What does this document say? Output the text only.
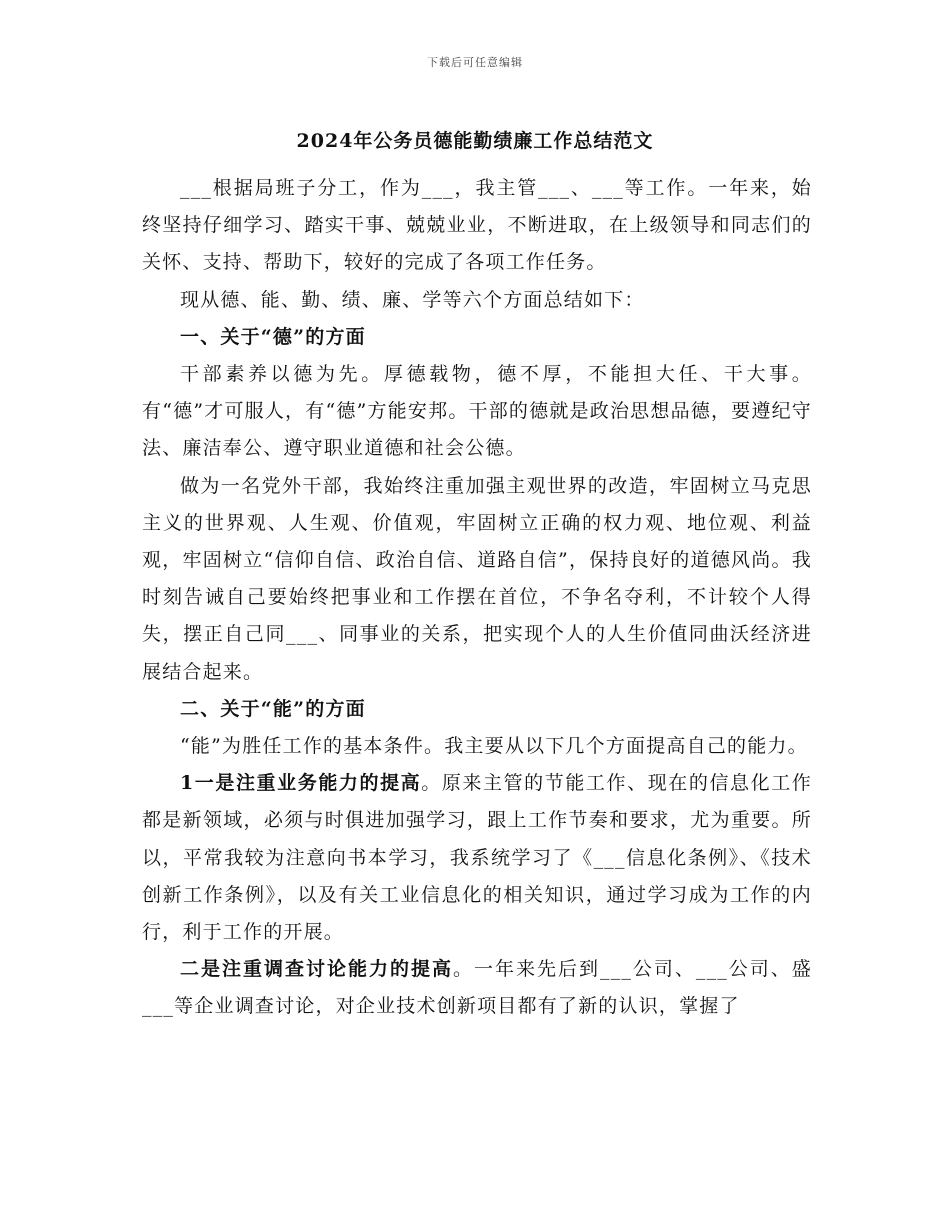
下载后可任意编辑
2024年公务员德能勤绩廉工作总结范文

___根据局班子分工，作为___，我主管___、___等工作。一年来，始终坚持仔细学习、踏实干事、兢兢业业，不断进取，在上级领导和同志们的关怀、支持、帮助下，较好的完成了各项工作任务。

现从德、能、勤、绩、廉、学等六个方面总结如下：

一、关于“德”的方面

干部素养以德为先。厚德载物，德不厚，不能担大任、干大事。有“德”才可服人，有“德”方能安邦。干部的德就是政治思想品德，要遵纪守法、廉洁奉公、遵守职业道德和社会公德。

做为一名党外干部，我始终注重加强主观世界的改造，牢固树立马克思主义的世界观、人生观、价值观，牢固树立正确的权力观、地位观、利益观，牢固树立“信仰自信、政治自信、道路自信”，保持良好的道德风尚。我时刻告诫自己要始终把事业和工作摆在首位，不争名夺利，不计较个人得失，摆正自己同___、同事业的关系，把实现个人的人生价值同曲沃经济进展结合起来。

二、关于“能”的方面

“能”为胜任工作的基本条件。我主要从以下几个方面提高自己的能力。

1一是注重业务能力的提高。原来主管的节能工作、现在的信息化工作都是新领域，必须与时俱进加强学习，跟上工作节奏和要求，尤为重要。所以，平常我较为注意向书本学习，我系统学习了《___信息化条例》、《技术创新工作条例》，以及有关工业信息化的相关知识，通过学习成为工作的内行，利于工作的开展。

二是注重调查讨论能力的提高。一年来先后到___公司、___公司、盛___等企业调查讨论，对企业技术创新项目都有了新的认识，掌握了
